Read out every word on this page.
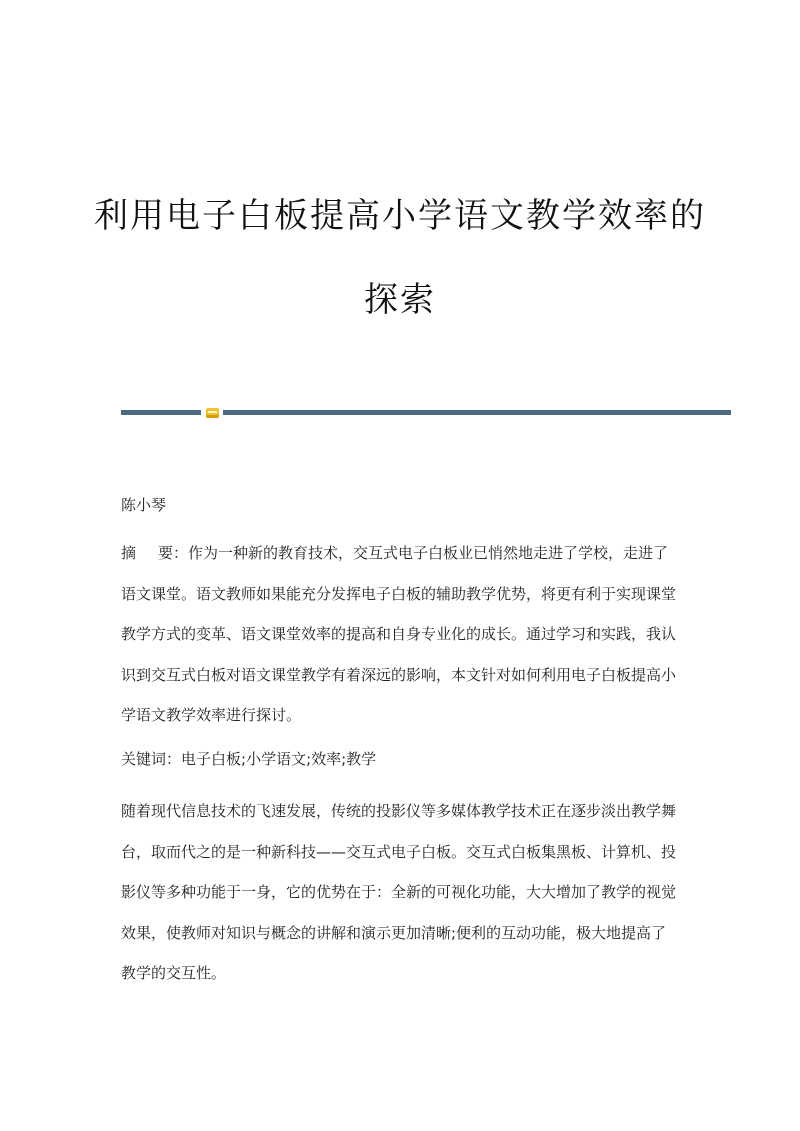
利用电子白板提高小学语文教学效率的
探索
陈小琴
摘 要：作为一种新的教育技术，交互式电子白板业已悄然地走进了学校，走进了语文课堂。语文教师如果能充分发挥电子白板的辅助教学优势，将更有利于实现课堂教学方式的变革、语文课堂效率的提高和自身专业化的成长。通过学习和实践，我认识到交互式白板对语文课堂教学有着深远的影响，本文针对如何利用电子白板提高小学语文教学效率进行探讨。
关键词：电子白板;小学语文;效率;教学
随着现代信息技术的飞速发展，传统的投影仪等多媒体教学技术正在逐步淡出教学舞台，取而代之的是一种新科技——交互式电子白板。交互式白板集黑板、计算机、投影仪等多种功能于一身，它的优势在于：全新的可视化功能，大大增加了教学的视觉效果，使教师对知识与概念的讲解和演示更加清晰;便利的互动功能，极大地提高了教学的交互性。
